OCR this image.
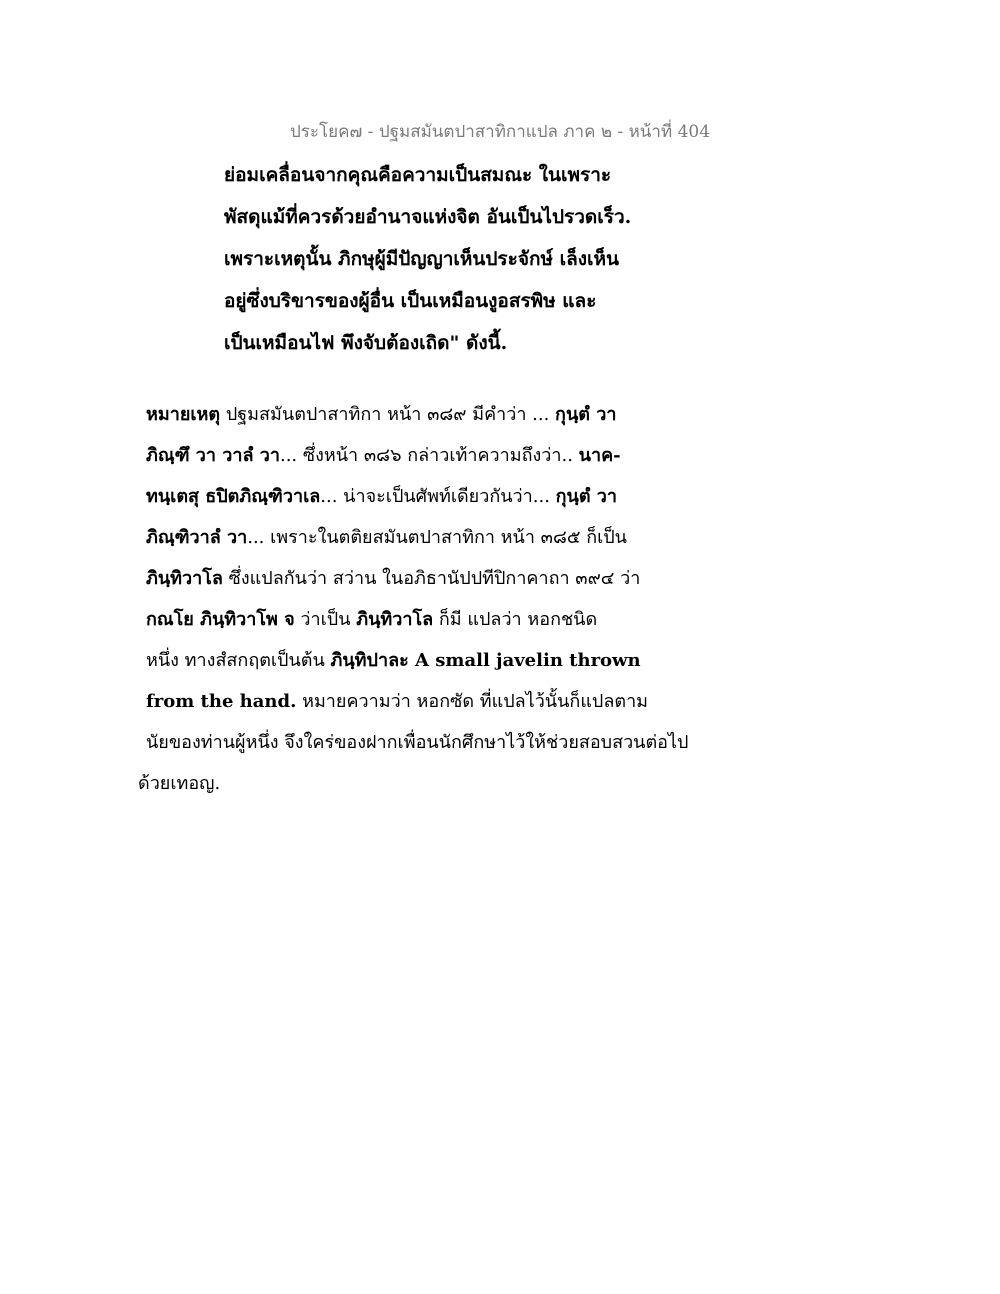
ประโยค๗ - ปฐมสมันตปาสาทิกาแปล ภาค ๒ - หน้าที่ 404
ย่อมเคลื่อนจากคุณคือความเป็นสมณะ ในเพราะ
พัสดุแม้ที่ควรด้วยอำนาจแห่งจิต อันเป็นไปรวดเร็ว.
เพราะเหตุนั้น ภิกษุผู้มีปัญญาเห็นประจักษ์ เล็งเห็น
อยู่ซึ่งบริขารของผู้อื่น เป็นเหมือนงูอสรพิษ และ
เป็นเหมือนไฟ พึงจับต้องเถิด" ดังนี้.
หมายเหตุ ปฐมสมันตปาสาทิกา หน้า ๓๘๙ มีคำว่า ... กุนฺตํ วา
ภิณฺฑึ วา วาลํ วา... ซึ่งหน้า ๓๘๖ กล่าวเท้าความถึงว่า.. นาค-
ทนฺเตสุ ธปิตภิณฺฑิวาเล... น่าจะเป็นศัพท์เดียวกันว่า... กุนฺตํ วา
ภิณฺฑิวาลํ วา... เพราะในตติยสมันตปาสาทิกา หน้า ๓๘๕ ก็เป็น
ภินฺทิวาโล ซึ่งแปลกันว่า สว่าน ในอภิธานัปปทีปิกาคาถา ๓๙๔ ว่า
กณโย ภินฺทิวาโพ จ ว่าเป็น ภินฺทิวาโล ก็มี แปลว่า หอกชนิด
หนึ่ง ทางสํสกฤตเป็นต้น ภินฺทิปาละ A small javelin thrown
from the hand. หมายความว่า หอกซัด ที่แปลไว้นั้นก็แปลตาม
นัยของท่านผู้หนึ่ง จึงใคร่ของฝากเพื่อนนักศึกษาไว้ให้ช่วยสอบสวนต่อไป
ด้วยเทอญ.
